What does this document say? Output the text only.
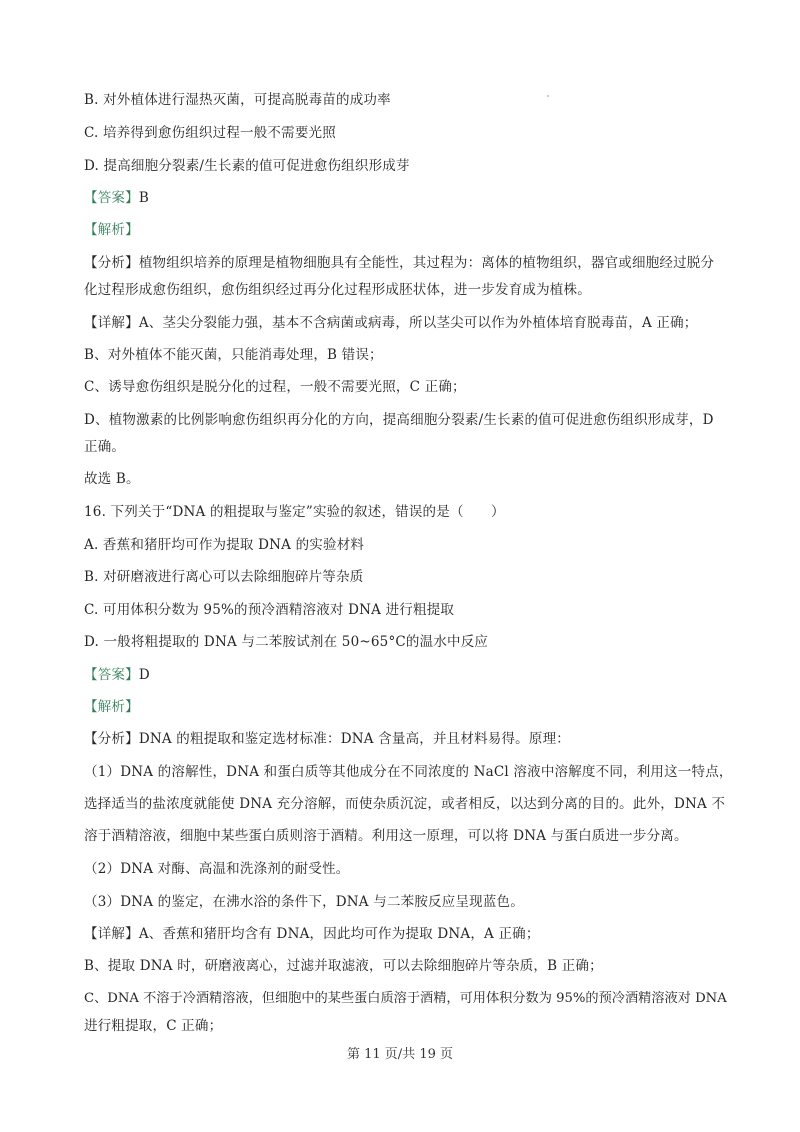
B. 对外植体进行湿热灭菌，可提高脱毒苗的成功率
C. 培养得到愈伤组织过程一般不需要光照
D. 提高细胞分裂素/生长素的值可促进愈伤组织形成芽
【答案】B
【解析】
【分析】植物组织培养的原理是植物细胞具有全能性，其过程为：离体的植物组织，器官或细胞经过脱分
化过程形成愈伤组织，愈伤组织经过再分化过程形成胚状体，进一步发育成为植株。
【详解】A、茎尖分裂能力强，基本不含病菌或病毒，所以茎尖可以作为外植体培育脱毒苗，A 正确；
B、对外植体不能灭菌，只能消毒处理，B 错误；
C、诱导愈伤组织是脱分化的过程，一般不需要光照，C 正确；
D、植物激素的比例影响愈伤组织再分化的方向，提高细胞分裂素/生长素的值可促进愈伤组织形成芽，D
正确。
故选 B。
16. 下列关于“DNA 的粗提取与鉴定”实验的叙述，错误的是（　　）
A. 香蕉和猪肝均可作为提取 DNA 的实验材料
B. 对研磨液进行离心可以去除细胞碎片等杂质
C. 可用体积分数为 95%的预冷酒精溶液对 DNA 进行粗提取
D. 一般将粗提取的 DNA 与二苯胺试剂在 50~65°C的温水中反应
【答案】D
【解析】
【分析】DNA 的粗提取和鉴定选材标准：DNA 含量高，并且材料易得。原理：
（1）DNA 的溶解性，DNA 和蛋白质等其他成分在不同浓度的 NaCl 溶液中溶解度不同，利用这一特点，
选择适当的盐浓度就能使 DNA 充分溶解，而使杂质沉淀，或者相反，以达到分离的目的。此外，DNA 不
溶于酒精溶液，细胞中某些蛋白质则溶于酒精。利用这一原理，可以将 DNA 与蛋白质进一步分离。
（2）DNA 对酶、高温和洗涤剂的耐受性。
（3）DNA 的鉴定，在沸水浴的条件下，DNA 与二苯胺反应呈现蓝色。
【详解】A、香蕉和猪肝均含有 DNA，因此均可作为提取 DNA，A 正确；
B、提取 DNA 时，研磨液离心，过滤并取滤液，可以去除细胞碎片等杂质，B 正确；
C、DNA 不溶于冷酒精溶液，但细胞中的某些蛋白质溶于酒精，可用体积分数为 95%的预冷酒精溶液对 DNA
进行粗提取，C 正确；
第 11 页/共 19 页
